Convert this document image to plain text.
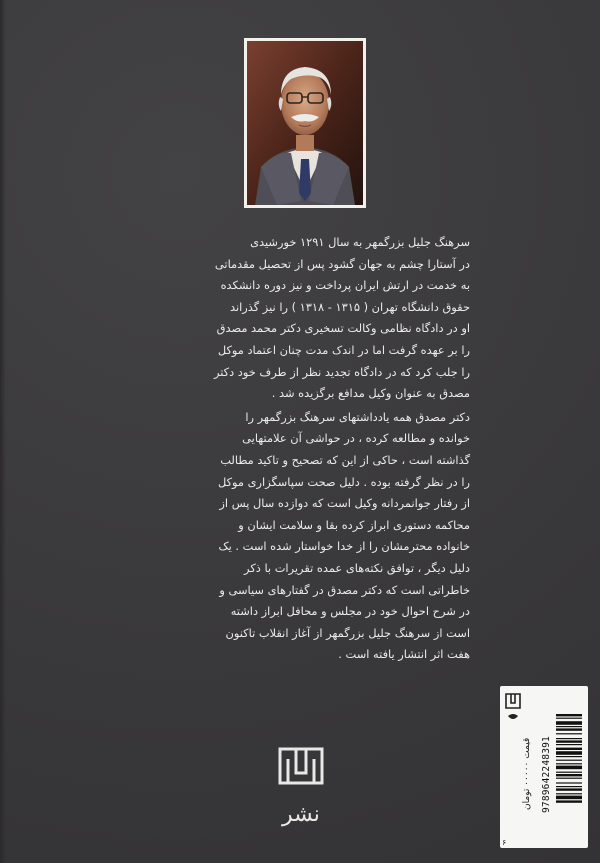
سرهنگ جلیل بزرگمهر به سال ۱۲۹۱ خورشیدی
در آستارا چشم به جهان گشود پس از تحصیل مقدماتی
به خدمت در ارتش ایران پرداخت و نیز دوره دانشکده
حقوق دانشگاه تهران ( ۱۳۱۵ - ۱۳۱۸ ) را نیز گذراند
او در دادگاه نظامی وکالت تسخیری دکتر محمد مصدق
را بر عهده گرفت اما در اندک مدت چنان اعتماد موکل
را جلب کرد که در دادگاه تجدید نظر از طرف خود دکتر
مصدق به عنوان وکیل مدافع برگزیده شد .

دکتر مصدق همه یادداشتهای سرهنگ بزرگمهر را
خوانده و مطالعه کرده ، در حواشی آن علامتهایی
گذاشته است ، حاکی از این که تصحیح و تاکید مطالب
را در نظر گرفته بوده . دلیل صحت سپاسگزاری موکل
از رفتار جوانمردانه وکیل است که دوازده سال پس از
محاکمه دستوری ابراز کرده بقا و سلامت ایشان و
خانواده محترمشان را از خدا خواستار شده است . یک
دلیل دیگر ، توافق نکته‌های عمده تقریرات با ذکر
خاطراتی است که دکتر مصدق در گفتارهای سیاسی و
در شرح احوال خود در مجلس و محافل ابراز داشته
است از سرهنگ جلیل بزرگمهر از آغاز انقلاب تاکنون
هفت اثر انتشار یافته است .

نشر
قیمت ۰۰۰۰۰ تومان 9789642248391
۶
